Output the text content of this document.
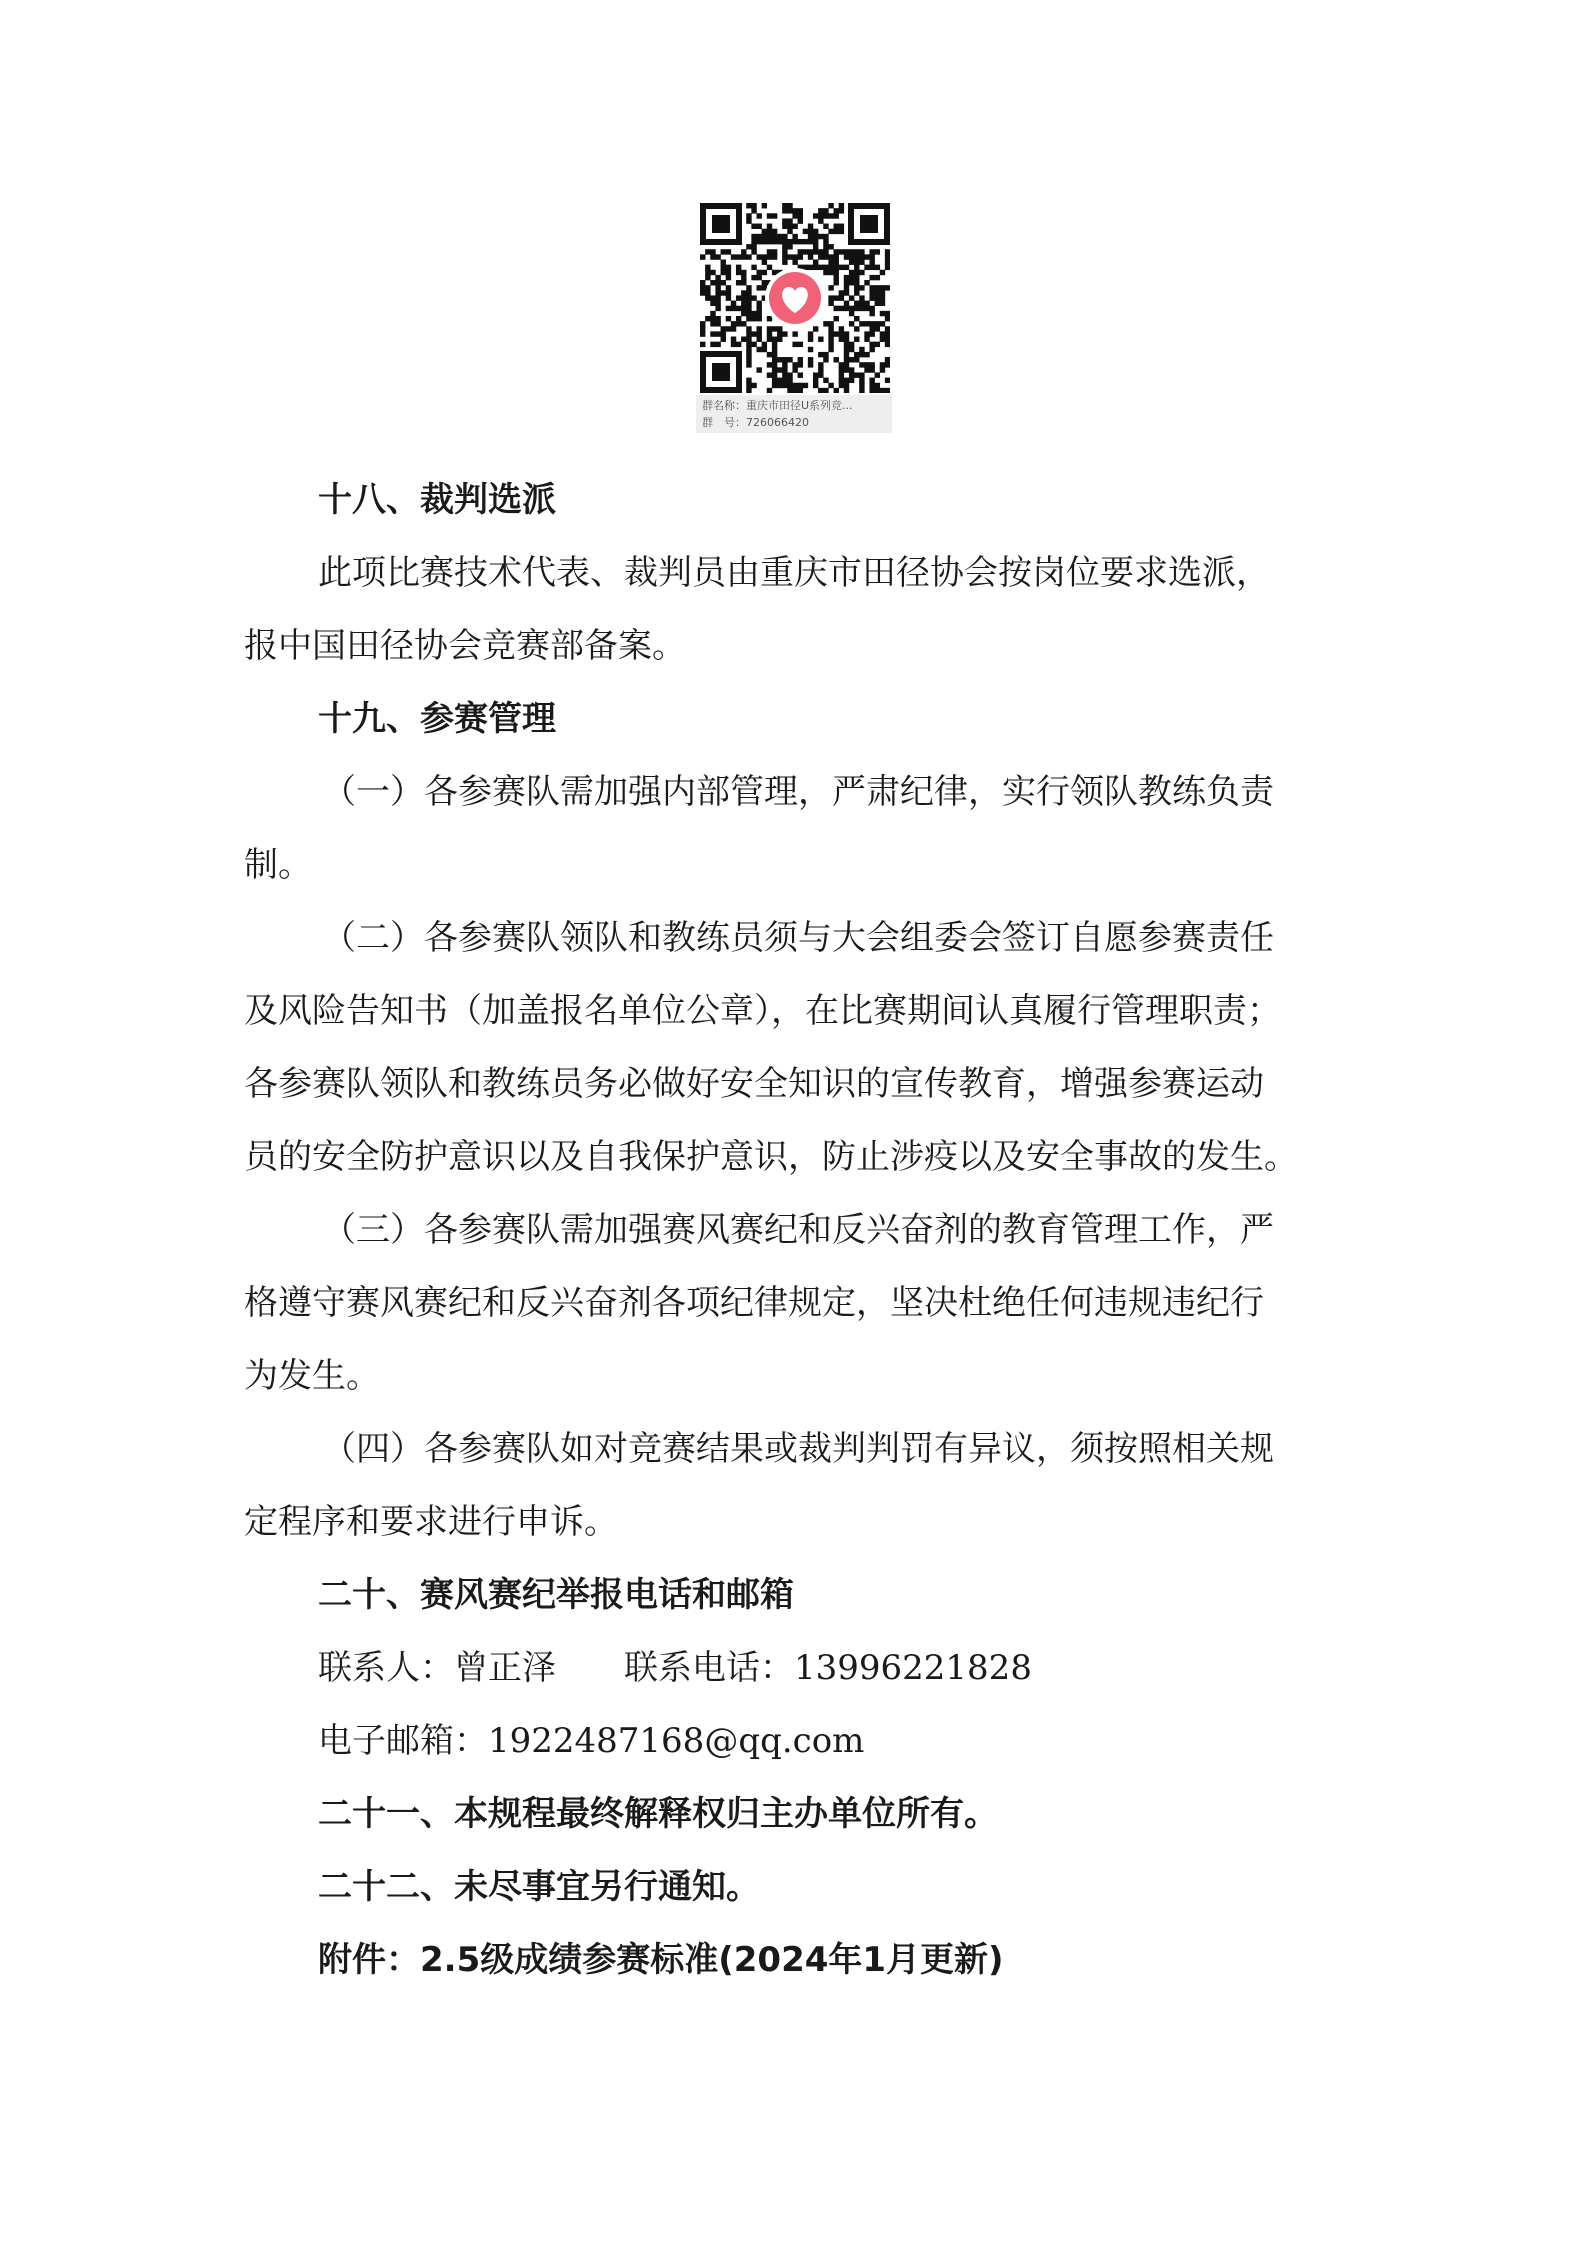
群名称：重庆市田径U系列竞...
群　号：726066420
十八、裁判选派
此项比赛技术代表、裁判员由重庆市田径协会按岗位要求选派，
报中国田径协会竞赛部备案。
十九、参赛管理
（一）各参赛队需加强内部管理，严肃纪律，实行领队教练负责
制。
（二）各参赛队领队和教练员须与大会组委会签订自愿参赛责任
及风险告知书（加盖报名单位公章），在比赛期间认真履行管理职责；
各参赛队领队和教练员务必做好安全知识的宣传教育，增强参赛运动
员的安全防护意识以及自我保护意识，防止涉疫以及安全事故的发生。
（三）各参赛队需加强赛风赛纪和反兴奋剂的教育管理工作，严
格遵守赛风赛纪和反兴奋剂各项纪律规定，坚决杜绝任何违规违纪行
为发生。
（四）各参赛队如对竞赛结果或裁判判罚有异议，须按照相关规
定程序和要求进行申诉。
二十、赛风赛纪举报电话和邮箱
联系人：曾正泽　　联系电话：13996221828
电子邮箱：1922487168@qq.com
二十一、本规程最终解释权归主办单位所有。
二十二、未尽事宜另行通知。
附件：2.5级成绩参赛标准(2024年1月更新)
